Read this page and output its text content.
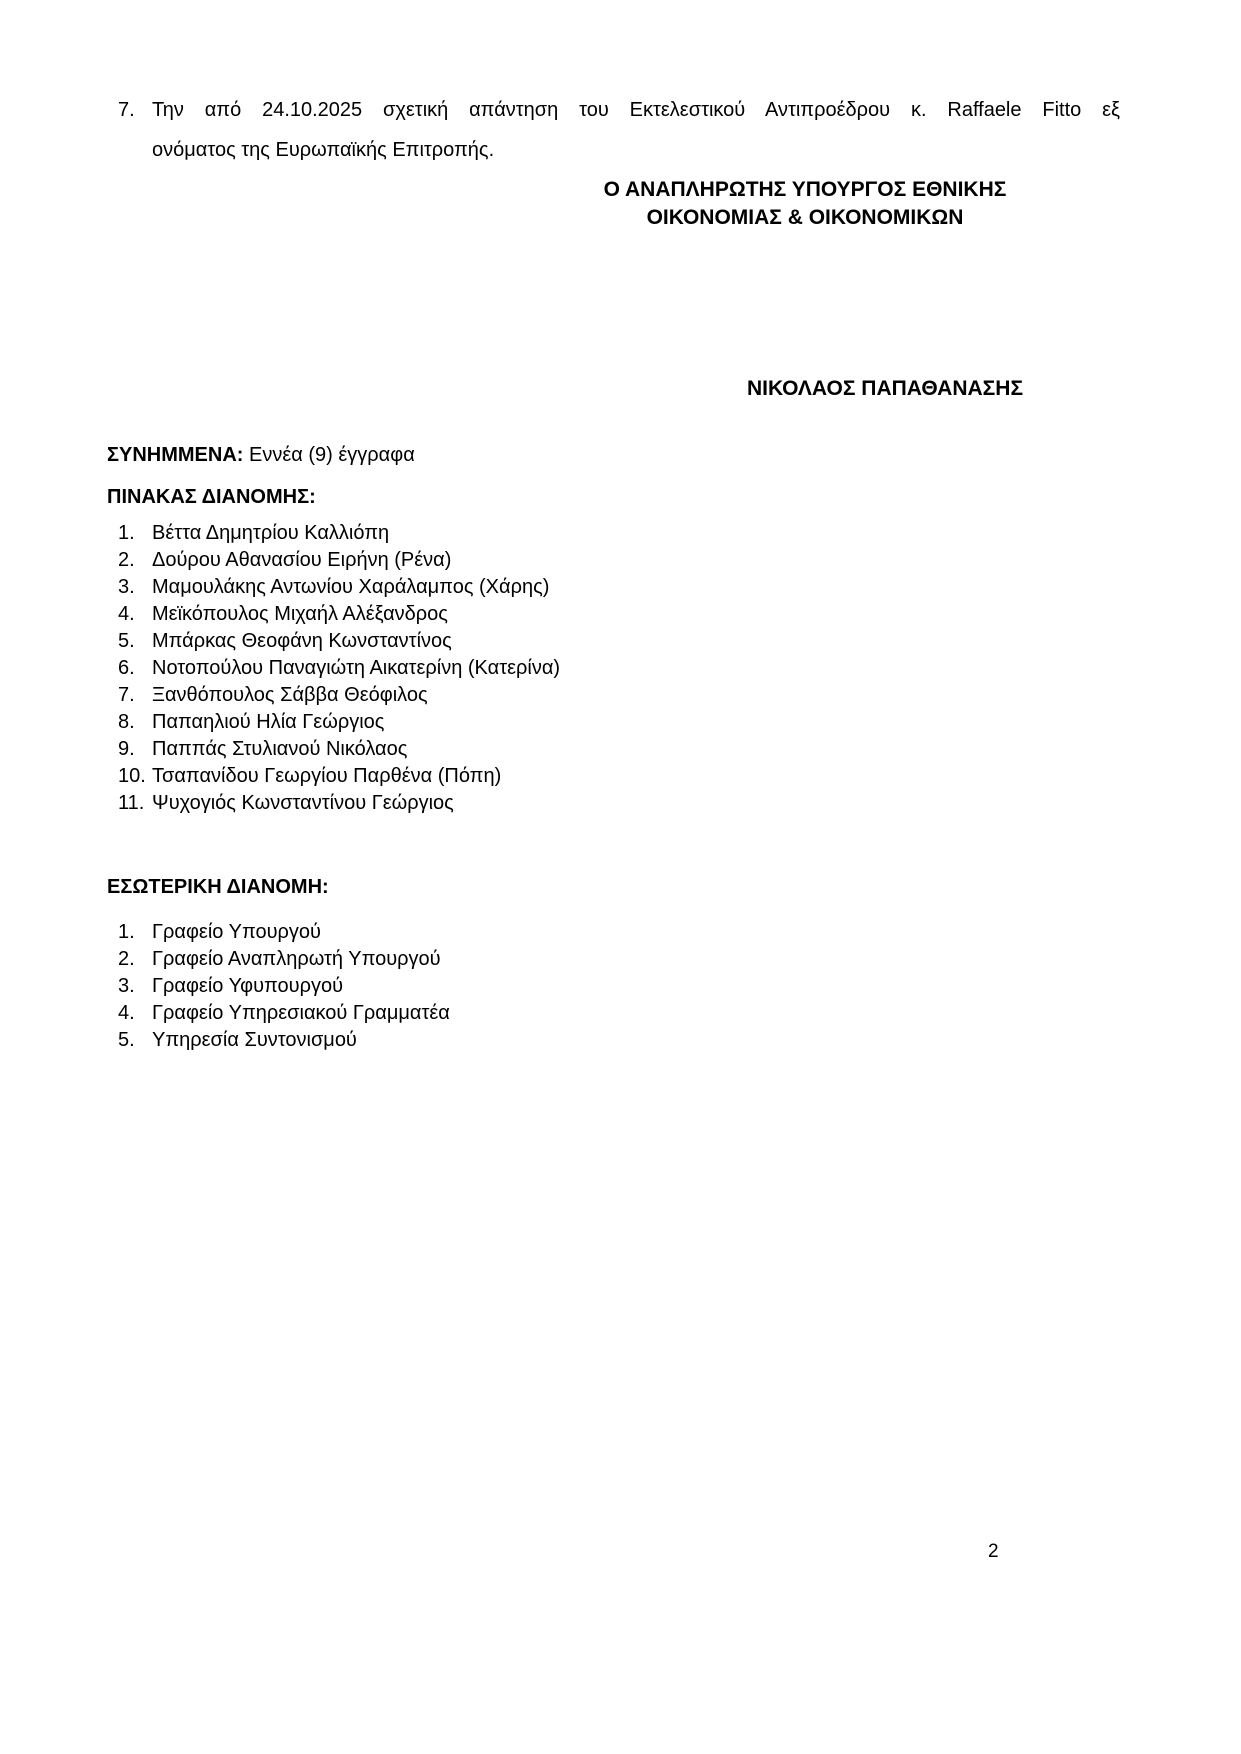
7. Την από 24.10.2025 σχετική απάντηση του Εκτελεστικού Αντιπροέδρου κ. Raffaele Fitto εξ
ονόματος της Ευρωπαϊκής Επιτροπής.
Ο ΑΝΑΠΛΗΡΩΤΗΣ ΥΠΟΥΡΓΟΣ ΕΘΝΙΚΗΣ
ΟΙΚΟΝΟΜΙΑΣ & ΟΙΚΟΝΟΜΙΚΩΝ
ΝΙΚΟΛΑΟΣ ΠΑΠΑΘΑΝΑΣΗΣ
ΣΥΝΗΜΜΕΝΑ: Εννέα (9) έγγραφα
ΠΙΝΑΚΑΣ ΔΙΑΝΟΜΗΣ:
1. Βέττα Δημητρίου Καλλιόπη
2. Δούρου Αθανασίου Ειρήνη (Ρένα)
3. Μαμουλάκης Αντωνίου Χαράλαμπος (Χάρης)
4. Μεϊκόπουλος Μιχαήλ Αλέξανδρος
5. Μπάρκας Θεοφάνη Κωνσταντίνος
6. Νοτοπούλου Παναγιώτη Αικατερίνη (Κατερίνα)
7. Ξανθόπουλος Σάββα Θεόφιλος
8. Παπαηλιού Ηλία Γεώργιος
9. Παππάς Στυλιανού Νικόλαος
10. Τσαπανίδου Γεωργίου Παρθένα (Πόπη)
11. Ψυχογιός Κωνσταντίνου Γεώργιος
ΕΣΩΤΕΡΙΚΗ ΔΙΑΝΟΜΗ:
1. Γραφείο Υπουργού
2. Γραφείο Αναπληρωτή Υπουργού
3. Γραφείο Υφυπουργού
4. Γραφείο Υπηρεσιακού Γραμματέα
5. Υπηρεσία Συντονισμού
2
